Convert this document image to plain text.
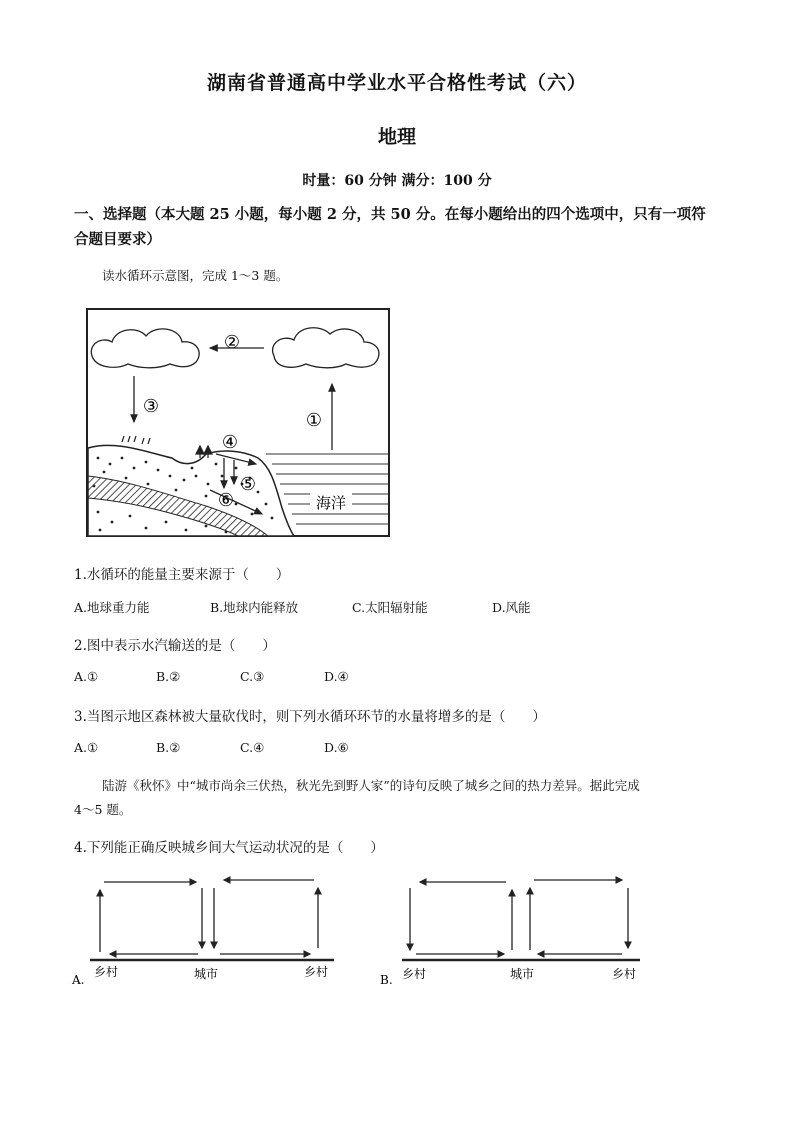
湖南省普通高中学业水平合格性考试（六）
地理
时量：60 分钟 满分：100 分
一、选择题（本大题 25 小题，每小题 2 分，共 50 分。在每小题给出的四个选项中，只有一项符合题目要求）
读水循环示意图，完成 1～3 题。
②
③
①
海洋
④
⑤
⑥
1.水循环的能量主要来源于（　　）
A.地球重力能	B.地球内能释放	C.太阳辐射能	D.风能
2.图中表示水汽输送的是（　　）
A.①	B.②	C.③	D.④
3.当图示地区森林被大量砍伐时，则下列水循环环节的水量将增多的是（　　）
A.①	B.②	C.④	D.⑥
陆游《秋怀》中“城市尚余三伏热，秋光先到野人家”的诗句反映了城乡之间的热力差异。据此完成
4～5 题。
4.下列能正确反映城乡间大气运动状况的是（　　）
A.
乡村	城市	乡村
B. 乡村	城市	乡村
